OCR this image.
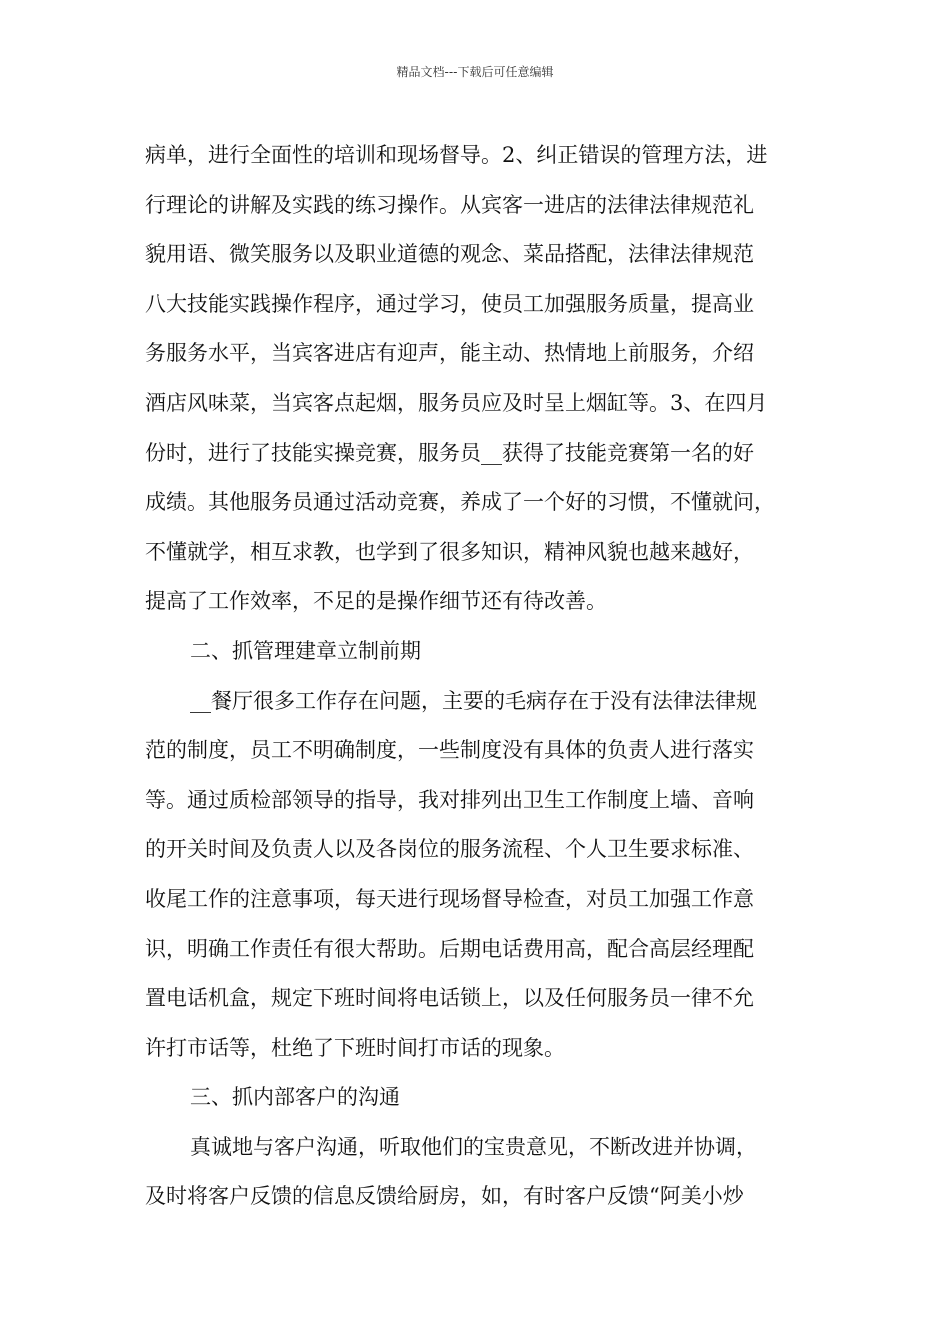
精品文档---下载后可任意编辑
病单，进行全面性的培训和现场督导。2、纠正错误的管理方法，进
行理论的讲解及实践的练习操作。从宾客一进店的法律法律规范礼
貌用语、微笑服务以及职业道德的观念、菜品搭配，法律法律规范
八大技能实践操作程序，通过学习，使员工加强服务质量，提高业
务服务水平，当宾客进店有迎声，能主动、热情地上前服务，介绍
酒店风味菜，当宾客点起烟，服务员应及时呈上烟缸等。3、在四月
份时，进行了技能实操竞赛，服务员__获得了技能竞赛第一名的好
成绩。其他服务员通过活动竞赛，养成了一个好的习惯，不懂就问，
不懂就学，相互求教，也学到了很多知识，精神风貌也越来越好，
提高了工作效率，不足的是操作细节还有待改善。
二、抓管理建章立制前期
__餐厅很多工作存在问题，主要的毛病存在于没有法律法律规
范的制度，员工不明确制度，一些制度没有具体的负责人进行落实
等。通过质检部领导的指导，我对排列出卫生工作制度上墙、音响
的开关时间及负责人以及各岗位的服务流程、个人卫生要求标准、
收尾工作的注意事项，每天进行现场督导检查，对员工加强工作意
识，明确工作责任有很大帮助。后期电话费用高，配合高层经理配
置电话机盒，规定下班时间将电话锁上，以及任何服务员一律不允
许打市话等，杜绝了下班时间打市话的现象。
三、抓内部客户的沟通
真诚地与客户沟通，听取他们的宝贵意见，不断改进并协调，
及时将客户反馈的信息反馈给厨房，如，有时客户反馈“阿美小炒
